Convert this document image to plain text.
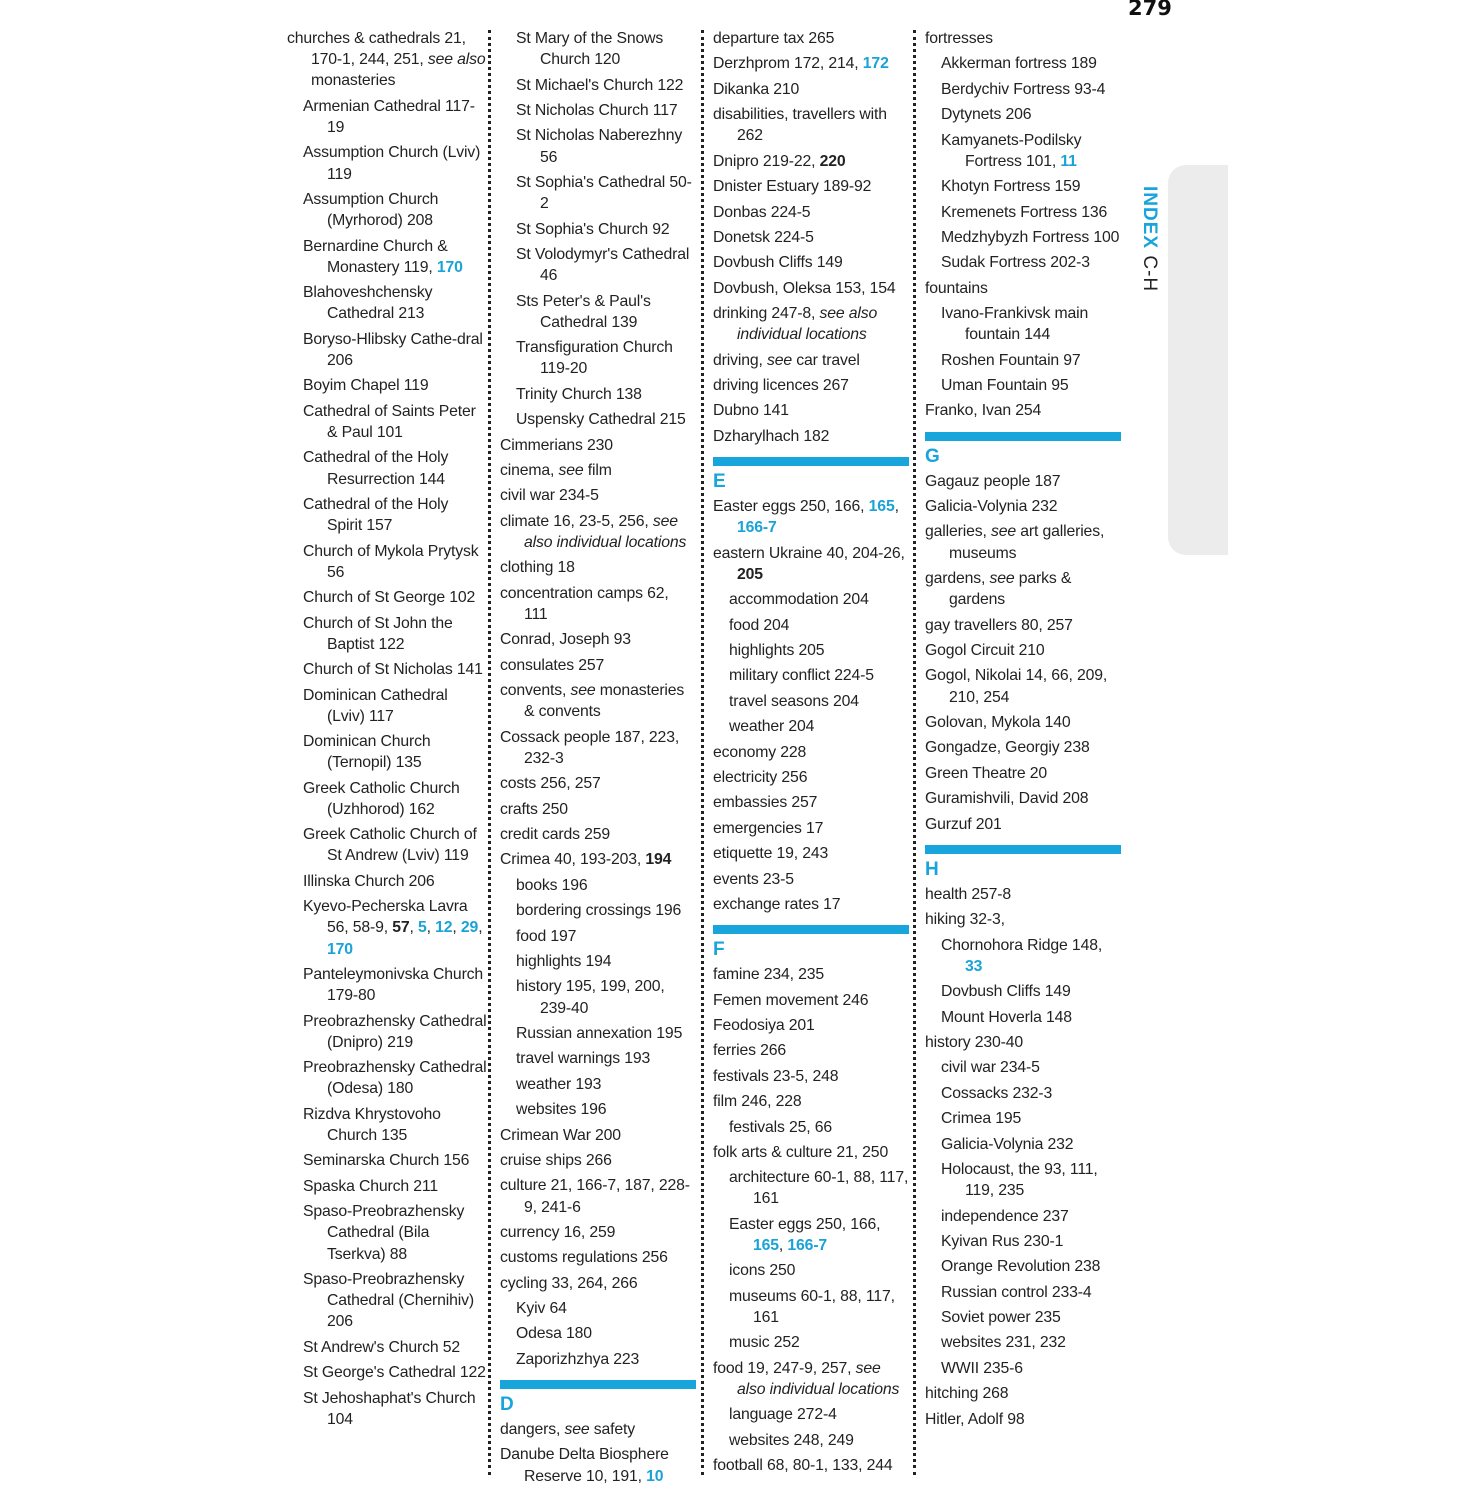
279
INDEX C-H
churches & cathedrals 21, 170-1, 244, 251, see also monasteries
Armenian Cathedral 117-19
Assumption Church (Lviv) 119
Assumption Church (Myrhorod) 208
Bernardine Church & Monastery 119, 170
Blahoveshchensky Cathedral 213
Boryso-Hlibsky Cathe-dral 206
Boyim Chapel 119
Cathedral of Saints Peter & Paul 101
Cathedral of the Holy Resurrection 144
Cathedral of the Holy Spirit 157
Church of Mykola Prytysk 56
Church of St George 102
Church of St John the Baptist 122
Church of St Nicholas 141
Dominican Cathedral (Lviv) 117
Dominican Church (Ternopil) 135
Greek Catholic Church (Uzhhorod) 162
Greek Catholic Church of St Andrew (Lviv) 119
Illinska Church 206
Kyevo-Pecherska Lavra 56, 58-9, 57, 5, 12, 29, 170
Panteleymonivska Church 179-80
Preobrazhensky Cathedral (Dnipro) 219
Preobrazhensky Cathedral (Odesa) 180
Rizdva Khrystovoho Church 135
Seminarska Church 156
Spaska Church 211
Spaso-Preobrazhensky Cathedral (Bila Tserkva) 88
Spaso-Preobrazhensky Cathedral (Chernihiv) 206
St Andrew's Church 52
St George's Cathedral 122
St Jehoshaphat's Church 104
St Mary of the Snows Church 120
St Michael's Church 122
St Nicholas Church 117
St Nicholas Naberezhny 56
St Sophia's Cathedral 50-2
St Sophia's Church 92
St Volodymyr's Cathedral 46
Sts Peter's & Paul's Cathedral 139
Transfiguration Church 119-20
Trinity Church 138
Uspensky Cathedral 215
Cimmerians 230
cinema, see film
civil war 234-5
climate 16, 23-5, 256, see also individual locations
clothing 18
concentration camps 62, 111
Conrad, Joseph 93
consulates 257
convents, see monasteries & convents
Cossack people 187, 223, 232-3
costs 256, 257
crafts 250
credit cards 259
Crimea 40, 193-203, 194
books 196
bordering crossings 196
food 197
highlights 194
history 195, 199, 200, 239-40
Russian annexation 195
travel warnings 193
weather 193
websites 196
Crimean War 200
cruise ships 266
culture 21, 166-7, 187, 228-9, 241-6
currency 16, 259
customs regulations 256
cycling 33, 264, 266
Kyiv 64
Odesa 180
Zaporizhzhya 223
D
dangers, see safety
Danube Delta Biosphere Reserve 10, 191, 10
departure tax 265
Derzhprom 172, 214, 172
Dikanka 210
disabilities, travellers with 262
Dnipro 219-22, 220
Dnister Estuary 189-92
Donbas 224-5
Donetsk 224-5
Dovbush Cliffs 149
Dovbush, Oleksa 153, 154
drinking 247-8, see also individual locations
driving, see car travel
driving licences 267
Dubno 141
Dzharylhach 182
E
Easter eggs 250, 166, 165, 166-7
eastern Ukraine 40, 204-26, 205
accommodation 204
food 204
highlights 205
military conflict 224-5
travel seasons 204
weather 204
economy 228
electricity 256
embassies 257
emergencies 17
etiquette 19, 243
events 23-5
exchange rates 17
F
famine 234, 235
Femen movement 246
Feodosiya 201
ferries 266
festivals 23-5, 248
film 246, 228
festivals 25, 66
folk arts & culture 21, 250
architecture 60-1, 88, 117, 161
Easter eggs 250, 166, 165, 166-7
icons 250
museums 60-1, 88, 117, 161
music 252
food 19, 247-9, 257, see also individual locations
language 272-4
websites 248, 249
football 68, 80-1, 133, 244
fortresses
Akkerman fortress 189
Berdychiv Fortress 93-4
Dytynets 206
Kamyanets-Podilsky Fortress 101, 11
Khotyn Fortress 159
Kremenets Fortress 136
Medzhybyzh Fortress 100
Sudak Fortress 202-3
fountains
Ivano-Frankivsk main fountain 144
Roshen Fountain 97
Uman Fountain 95
Franko, Ivan 254
G
Gagauz people 187
Galicia-Volynia 232
galleries, see art galleries, museums
gardens, see parks & gardens
gay travellers 80, 257
Gogol Circuit 210
Gogol, Nikolai 14, 66, 209, 210, 254
Golovan, Mykola 140
Gongadze, Georgiy 238
Green Theatre 20
Guramishvili, David 208
Gurzuf 201
H
health 257-8
hiking 32-3,
Chornohora Ridge 148, 33
Dovbush Cliffs 149
Mount Hoverla 148
history 230-40
civil war 234-5
Cossacks 232-3
Crimea 195
Galicia-Volynia 232
Holocaust, the 93, 111, 119, 235
independence 237
Kyivan Rus 230-1
Orange Revolution 238
Russian control 233-4
Soviet power 235
websites 231, 232
WWII 235-6
hitching 268
Hitler, Adolf 98
